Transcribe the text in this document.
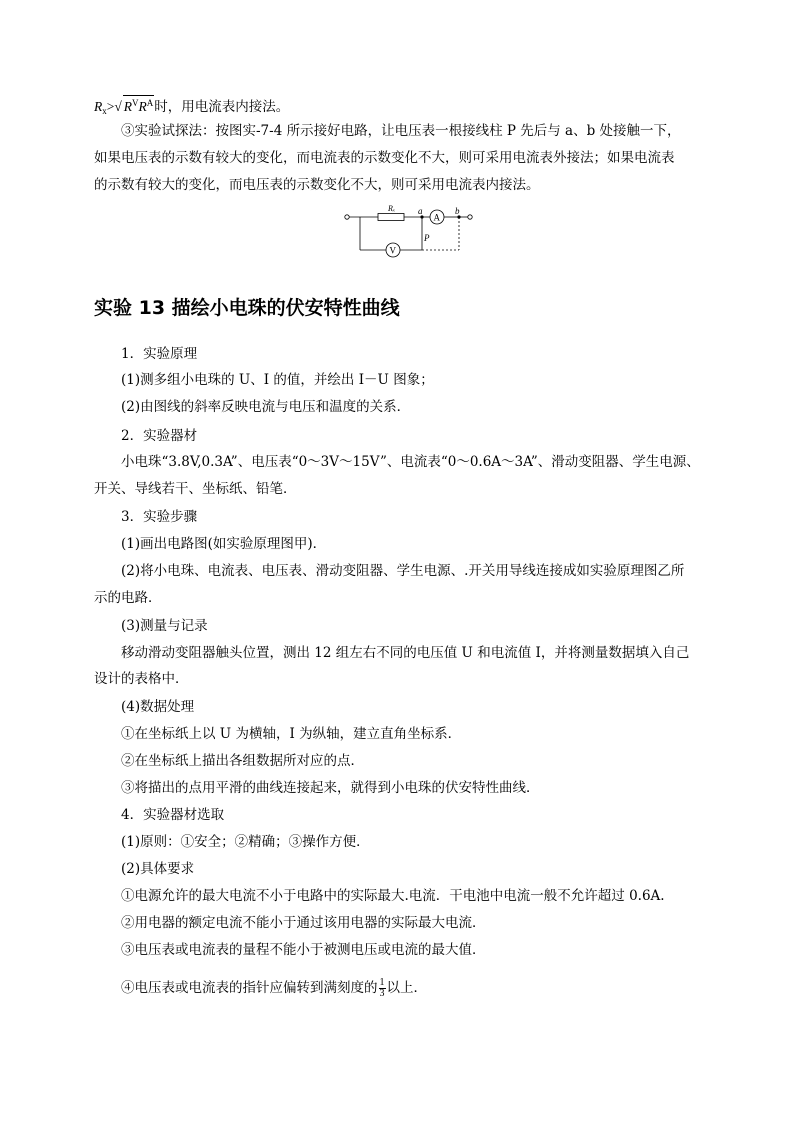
$R_x>√$ $R^VR^A$时，用电流表内接法。
③实验试探法：按图实-7-4 所示接好电路，让电压表一根接线柱 P 先后与 a、b 处接触一下，
如果电压表的示数有较大的变化，而电流表的示数变化不大，则可采用电流表外接法；如果电流表
的示数有较大的变化，而电压表的示数变化不大，则可采用电流表内接法。
Rₓ	a
A
b
V
P
实验 13 描绘小电珠的伏安特性曲线
1．实验原理
(1)测多组小电珠的 U、I 的值，并绘出 I－U 图象；
(2)由图线的斜率反映电流与电压和温度的关系．
2．实验器材
小电珠“3.8V,0.3A”、电压表“0～3V～15V”、电流表“0～0.6A～3A”、滑动变阻器、学生电源、
开关、导线若干、坐标纸、铅笔．
3．实验步骤
(1)画出电路图(如实验原理图甲)．
(2)将小电珠、电流表、电压表、滑动变阻器、学生电源、.开关用导线连接成如实验原理图乙所
示的电路．
(3)测量与记录
移动滑动变阻器触头位置，测出 12 组左右不同的电压值 U 和电流值 I，并将测量数据填入自己
设计的表格中．
(4)数据处理
①在坐标纸上以 U 为横轴，I 为纵轴，建立直角坐标系．
②在坐标纸上描出各组数据所对应的点．
③将描出的点用平滑的曲线连接起来，就得到小电珠的伏安特性曲线．
4．实验器材选取
(1)原则：①安全；②精确；③操作方便．
(2)具体要求
①电源允许的最大电流不小于电路中的实际最大.电流．干电池中电流一般不允许超过 0.6A.
②用电器的额定电流不能小于通过该用电器的实际最大电流．
③电压表或电流表的量程不能小于被测电压或电流的最大值．
④电压表或电流表的指针应偏转到满刻度的 $\frac{1}{3}$ 以上．
